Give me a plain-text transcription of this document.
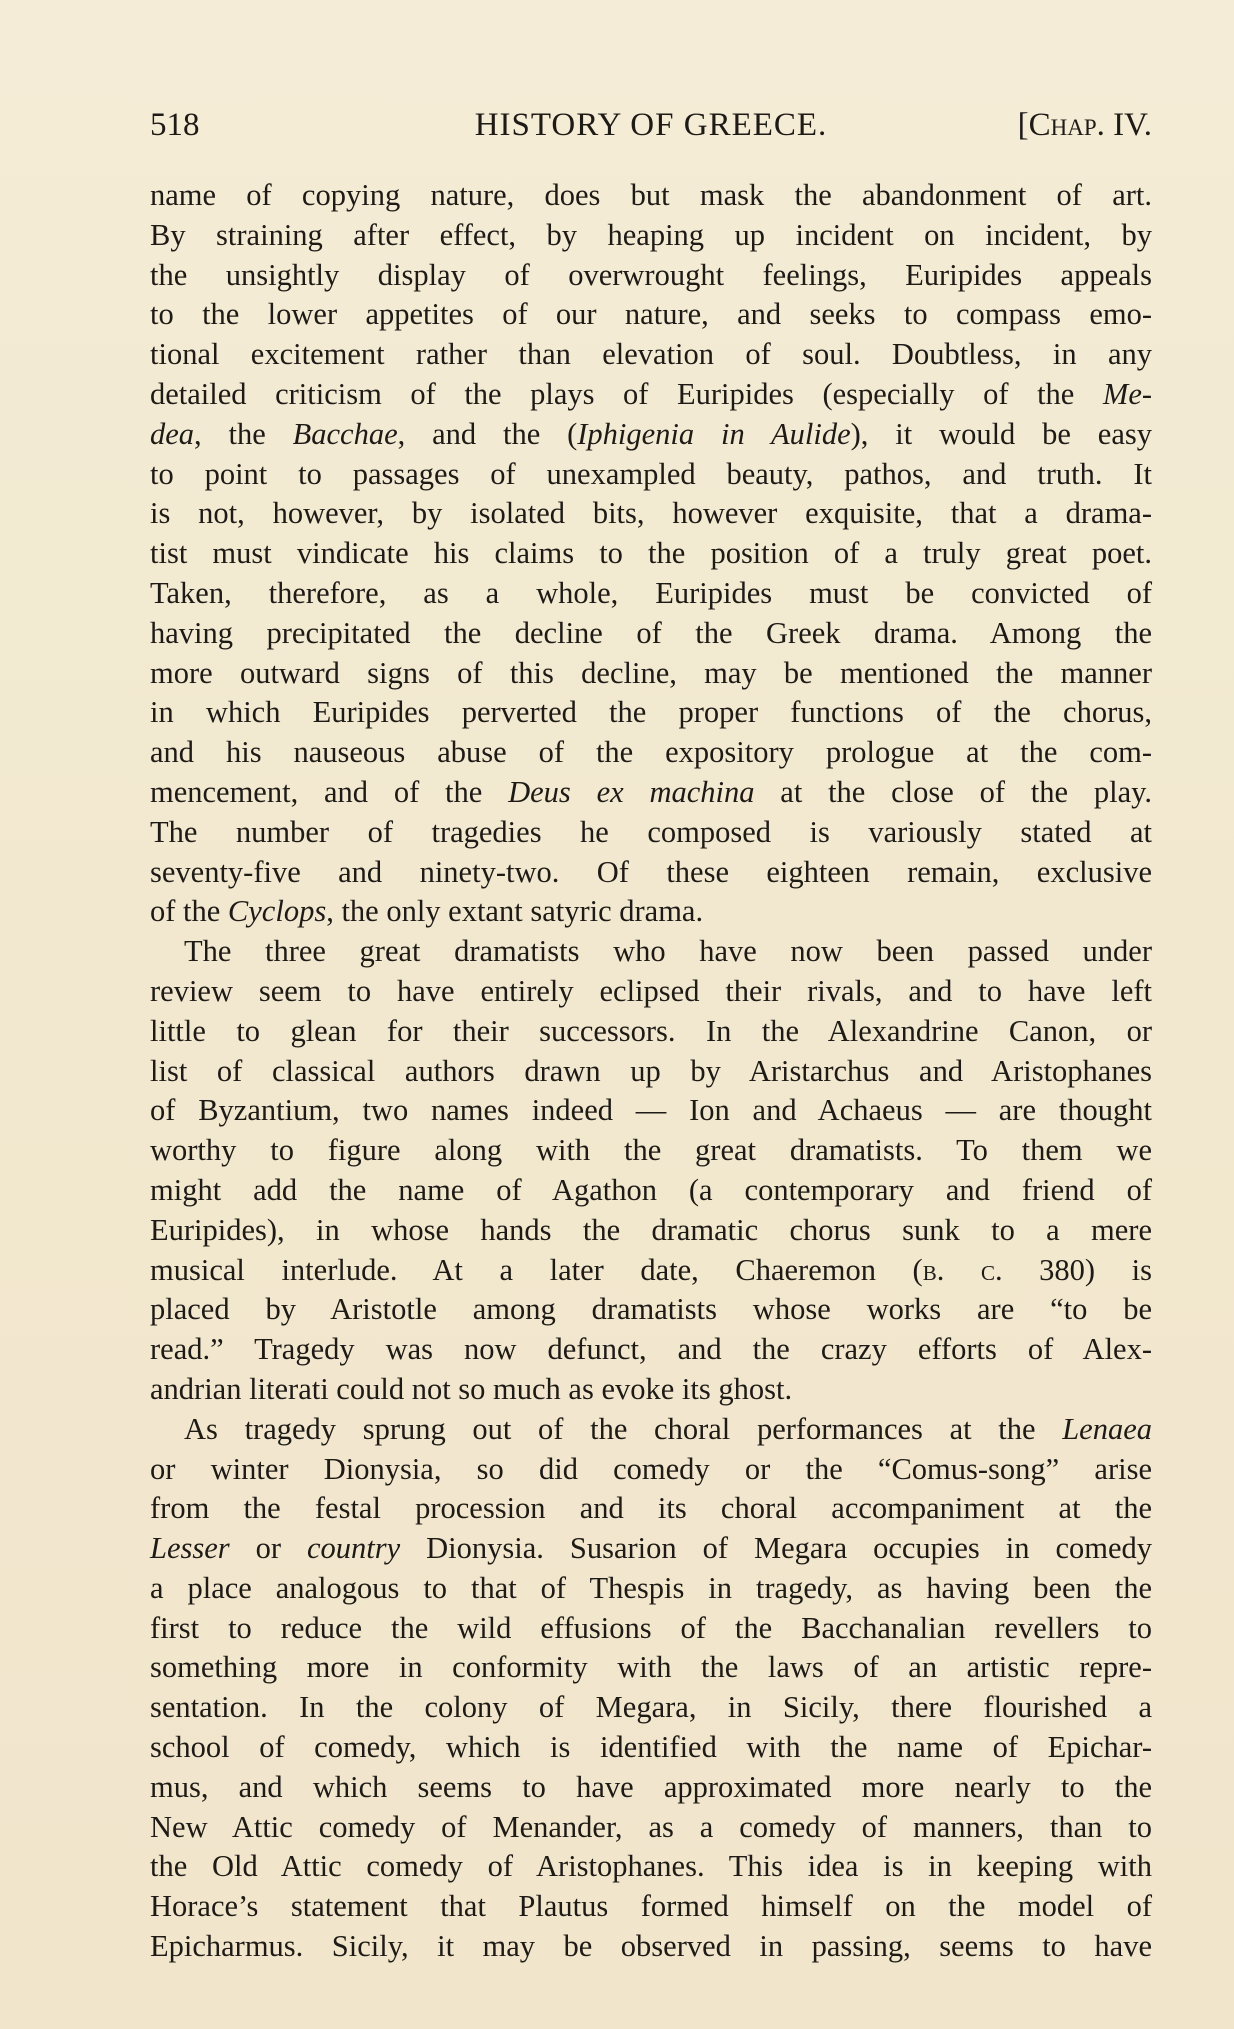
518	HISTORY OF GREECE.	[Chap. IV.
name of copying nature, does but mask the abandonment of art.
By straining after effect, by heaping up incident on incident, by
the unsightly display of overwrought feelings, Euripides appeals
to the lower appetites of our nature, and seeks to compass emo-
tional excitement rather than elevation of soul. Doubtless, in any
detailed criticism of the plays of Euripides (especially of the Me-
dea, the Bacchae, and the (Iphigenia in Aulide), it would be easy
to point to passages of unexampled beauty, pathos, and truth. It
is not, however, by isolated bits, however exquisite, that a drama-
tist must vindicate his claims to the position of a truly great poet.
Taken, therefore, as a whole, Euripides must be convicted of
having precipitated the decline of the Greek drama. Among the
more outward signs of this decline, may be mentioned the manner
in which Euripides perverted the proper functions of the chorus,
and his nauseous abuse of the expository prologue at the com-
mencement, and of the Deus ex machina at the close of the play.
The number of tragedies he composed is variously stated at
seventy-five and ninety-two. Of these eighteen remain, exclusive
of the Cyclops, the only extant satyric drama.
The three great dramatists who have now been passed under
review seem to have entirely eclipsed their rivals, and to have left
little to glean for their successors. In the Alexandrine Canon, or
list of classical authors drawn up by Aristarchus and Aristophanes
of Byzantium, two names indeed — Ion and Achaeus — are thought
worthy to figure along with the great dramatists. To them we
might add the name of Agathon (a contemporary and friend of
Euripides), in whose hands the dramatic chorus sunk to a mere
musical interlude. At a later date, Chaeremon (b. c. 380) is
placed by Aristotle among dramatists whose works are “to be
read.” Tragedy was now defunct, and the crazy efforts of Alex-
andrian literati could not so much as evoke its ghost.
As tragedy sprung out of the choral performances at the Lenaea
or winter Dionysia, so did comedy or the “Comus-song” arise
from the festal procession and its choral accompaniment at the
Lesser or country Dionysia. Susarion of Megara occupies in comedy
a place analogous to that of Thespis in tragedy, as having been the
first to reduce the wild effusions of the Bacchanalian revellers to
something more in conformity with the laws of an artistic repre-
sentation. In the colony of Megara, in Sicily, there flourished a
school of comedy, which is identified with the name of Epichar-
mus, and which seems to have approximated more nearly to the
New Attic comedy of Menander, as a comedy of manners, than to
the Old Attic comedy of Aristophanes. This idea is in keeping with
Horace’s statement that Plautus formed himself on the model of
Epicharmus. Sicily, it may be observed in passing, seems to have
